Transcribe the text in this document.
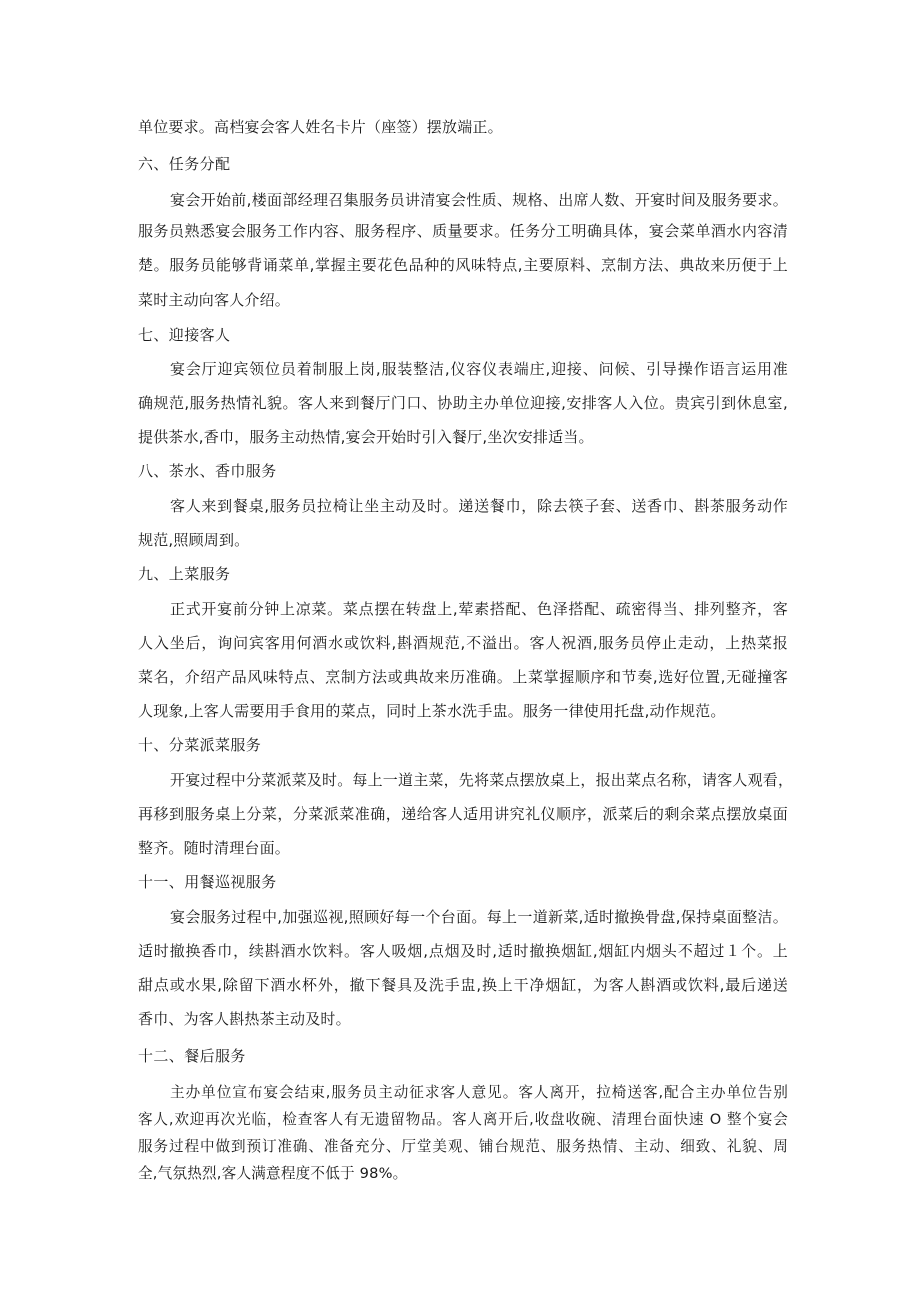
单位要求。高档宴会客人姓名卡片（座签）摆放端正。
六、任务分配
宴会开始前,楼面部经理召集服务员讲清宴会性质、规格、出席人数、开宴时间及服务要求。
服务员熟悉宴会服务工作内容、服务程序、质量要求。任务分工明确具体，宴会菜单酒水内容清
楚。服务员能够背诵菜单,掌握主要花色品种的风味特点,主要原料、烹制方法、典故来历便于上
菜时主动向客人介绍。
七、迎接客人
宴会厅迎宾领位员着制服上岗,服装整洁,仪容仪表端庄,迎接、问候、引导操作语言运用准
确规范,服务热情礼貌。客人来到餐厅门口、协助主办单位迎接,安排客人入位。贵宾引到休息室,
提供茶水,香巾，服务主动热情,宴会开始时引入餐厅,坐次安排适当。
八、茶水、香巾服务
客人来到餐桌,服务员拉椅让坐主动及时。递送餐巾，除去筷子套、送香巾、斟茶服务动作
规范,照顾周到。
九、上菜服务
正式开宴前分钟上凉菜。菜点摆在转盘上,荤素搭配、色泽搭配、疏密得当、排列整齐，客
人入坐后，询问宾客用何酒水或饮料,斟酒规范,不溢出。客人祝酒,服务员停止走动，上热菜报
菜名，介绍产品风味特点、烹制方法或典故来历准确。上菜掌握顺序和节奏,选好位置,无碰撞客
人现象,上客人需要用手食用的菜点，同时上茶水洗手盅。服务一律使用托盘,动作规范。
十、分菜派菜服务
开宴过程中分菜派菜及时。每上一道主菜，先将菜点摆放桌上，报出菜点名称，请客人观看，
再移到服务桌上分菜，分菜派菜准确，递给客人适用讲究礼仪顺序，派菜后的剩余菜点摆放桌面
整齐。随时清理台面。
十一、用餐巡视服务
宴会服务过程中,加强巡视,照顾好每一个台面。每上一道新菜,适时撤换骨盘,保持桌面整洁。
适时撤换香巾，续斟酒水饮料。客人吸烟,点烟及时,适时撤换烟缸,烟缸内烟头不超过１个。上
甜点或水果,除留下酒水杯外，撤下餐具及洗手盅,换上干净烟缸，为客人斟酒或饮料,最后递送
香巾、为客人斟热茶主动及时。
十二、餐后服务
主办单位宣布宴会结束,服务员主动征求客人意见。客人离开，拉椅送客,配合主办单位告别
客人,欢迎再次光临，检查客人有无遗留物品。客人离开后,收盘收碗、清理台面快速 O 整个宴会
服务过程中做到预订准确、准备充分、厅堂美观、铺台规范、服务热情、主动、细致、礼貌、周
全,气氛热烈,客人满意程度不低于 98%。
